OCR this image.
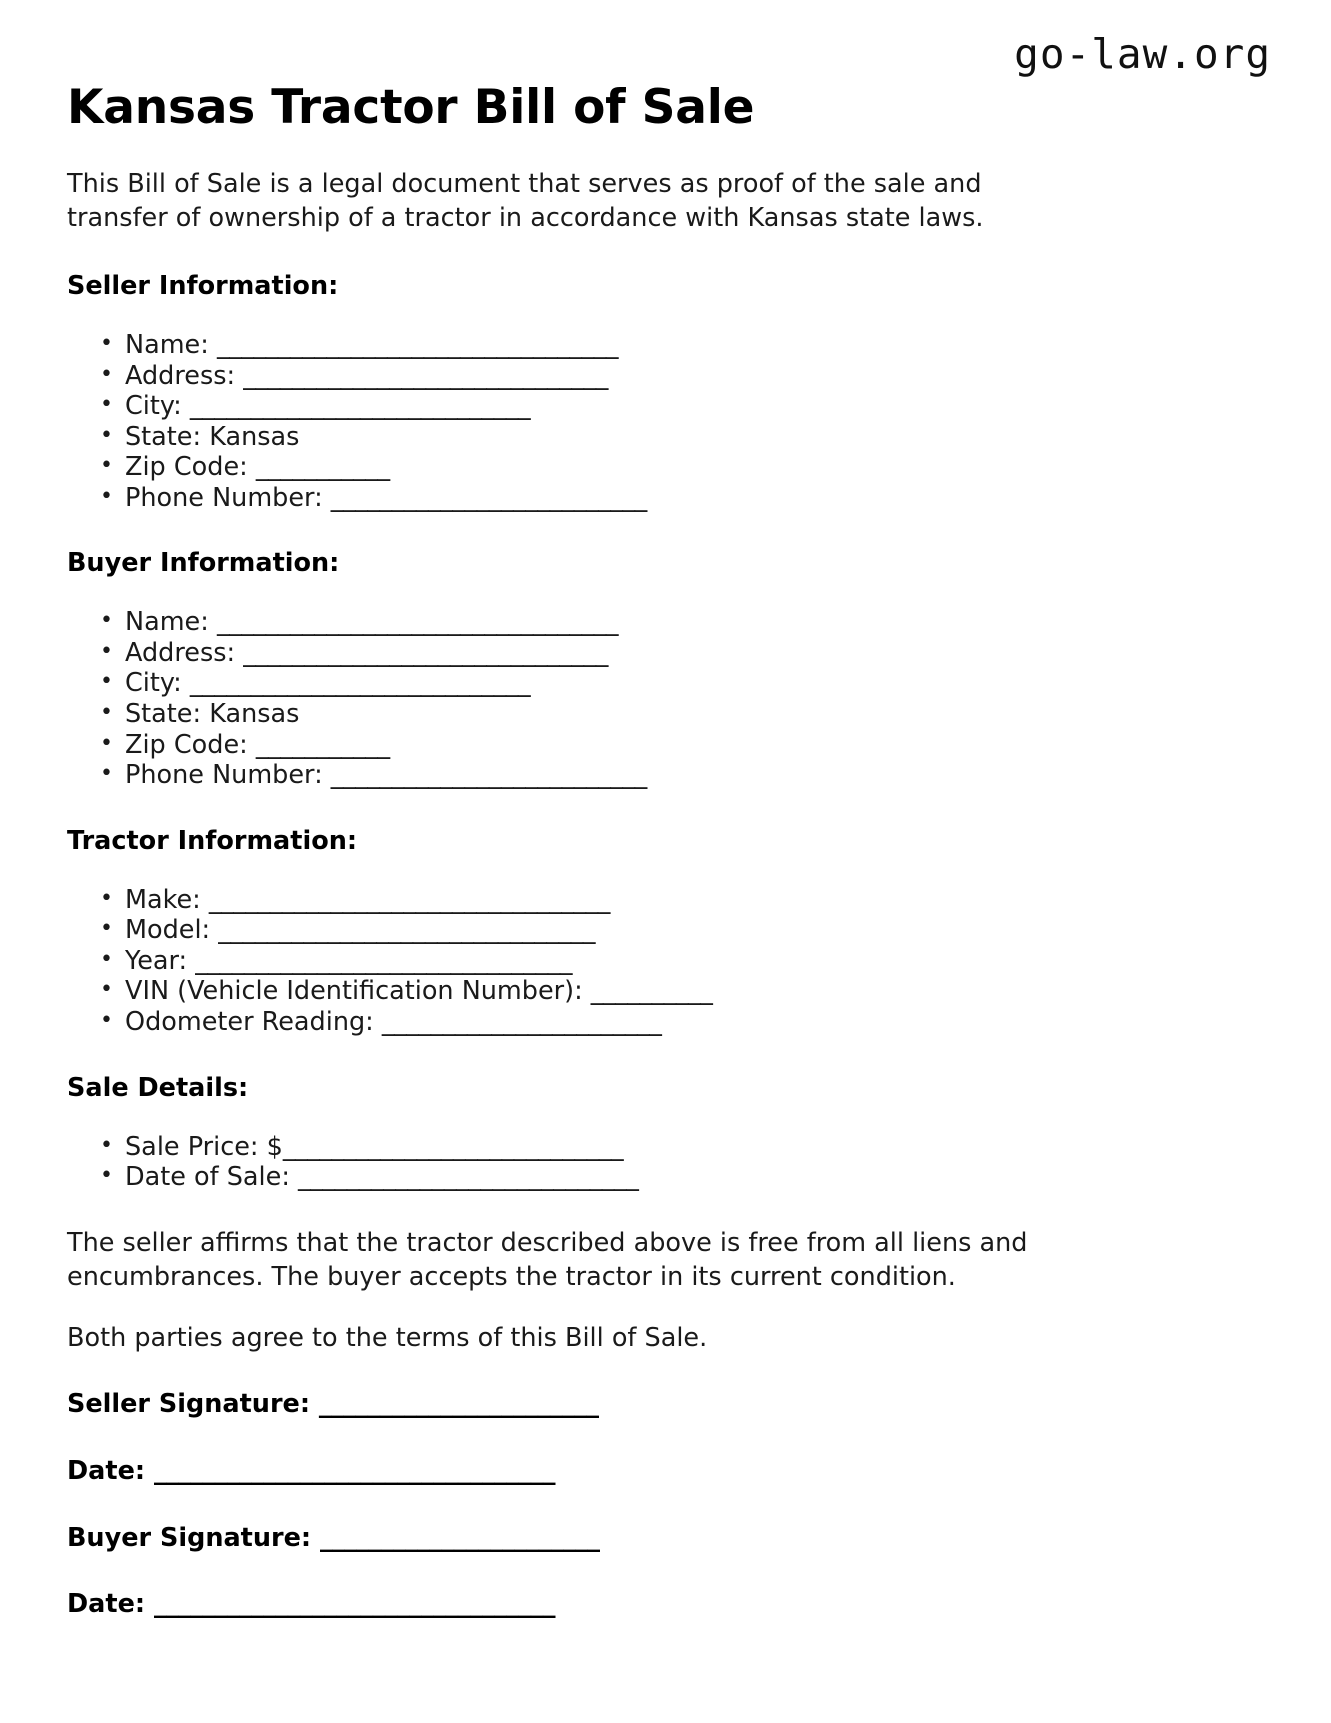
go-law.org
Kansas Tractor Bill of Sale

This Bill of Sale is a legal document that serves as proof of the sale and transfer of ownership of a tractor in accordance with Kansas state laws.

Seller Information:
• Name: _________________________________
• Address: ______________________________
• City: ____________________________
• State: Kansas
• Zip Code: ___________
• Phone Number: __________________________
Buyer Information:
• Name: _________________________________
• Address: ______________________________
• City: ____________________________
• State: Kansas
• Zip Code: ___________
• Phone Number: __________________________
Tractor Information:
• Make: _________________________________
• Model: _______________________________
• Year: _______________________________
• VIN (Vehicle Identification Number): __________
• Odometer Reading: _______________________
Sale Details:
• Sale Price: $____________________________
• Date of Sale: ____________________________

The seller affirms that the tractor described above is free from all liens and encumbrances. The buyer accepts the tractor in its current condition.

Both parties agree to the terms of this Bill of Sale.

Seller Signature: _______________________
Date: _________________________________
Buyer Signature: _______________________
Date: _________________________________
